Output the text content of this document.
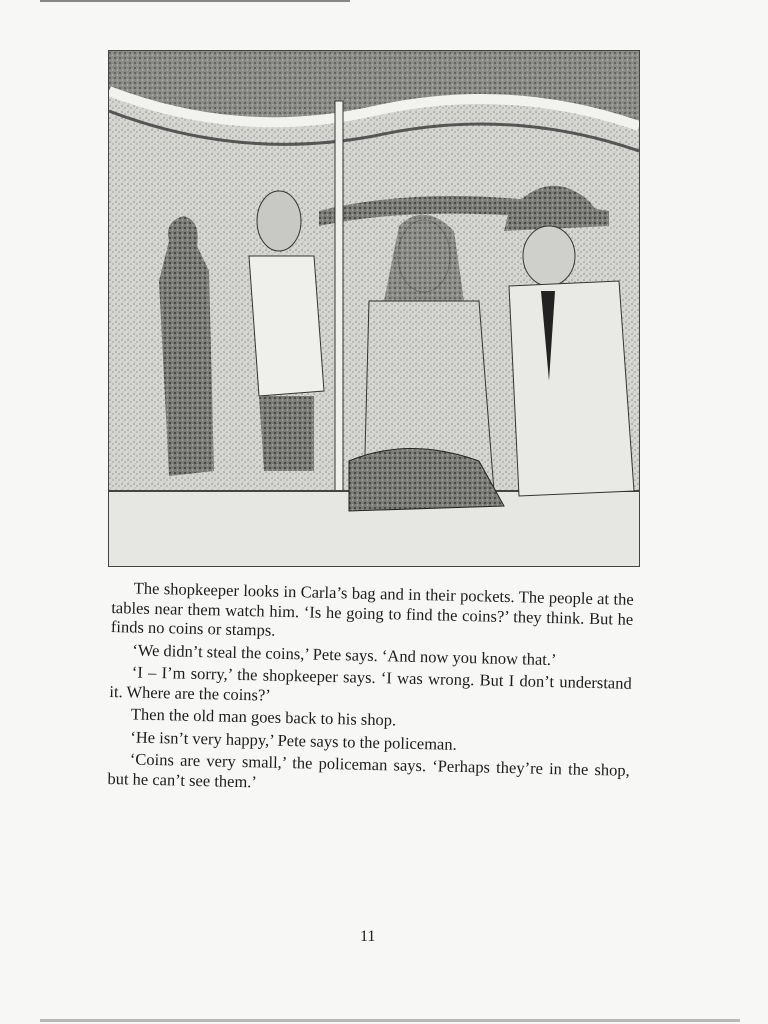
The shopkeeper looks in Carla’s bag and in their pockets. The people at the tables near them watch him. ‘Is he going to find the coins?’ they think. But he finds no coins or stamps.

‘We didn’t steal the coins,’ Pete says. ‘And now you know that.’

‘I – I’m sorry,’ the shopkeeper says. ‘I was wrong. But I don’t understand it. Where are the coins?’

Then the old man goes back to his shop.

‘He isn’t very happy,’ Pete says to the policeman.

‘Coins are very small,’ the policeman says. ‘Perhaps they’re in the shop, but he can’t see them.’

11
